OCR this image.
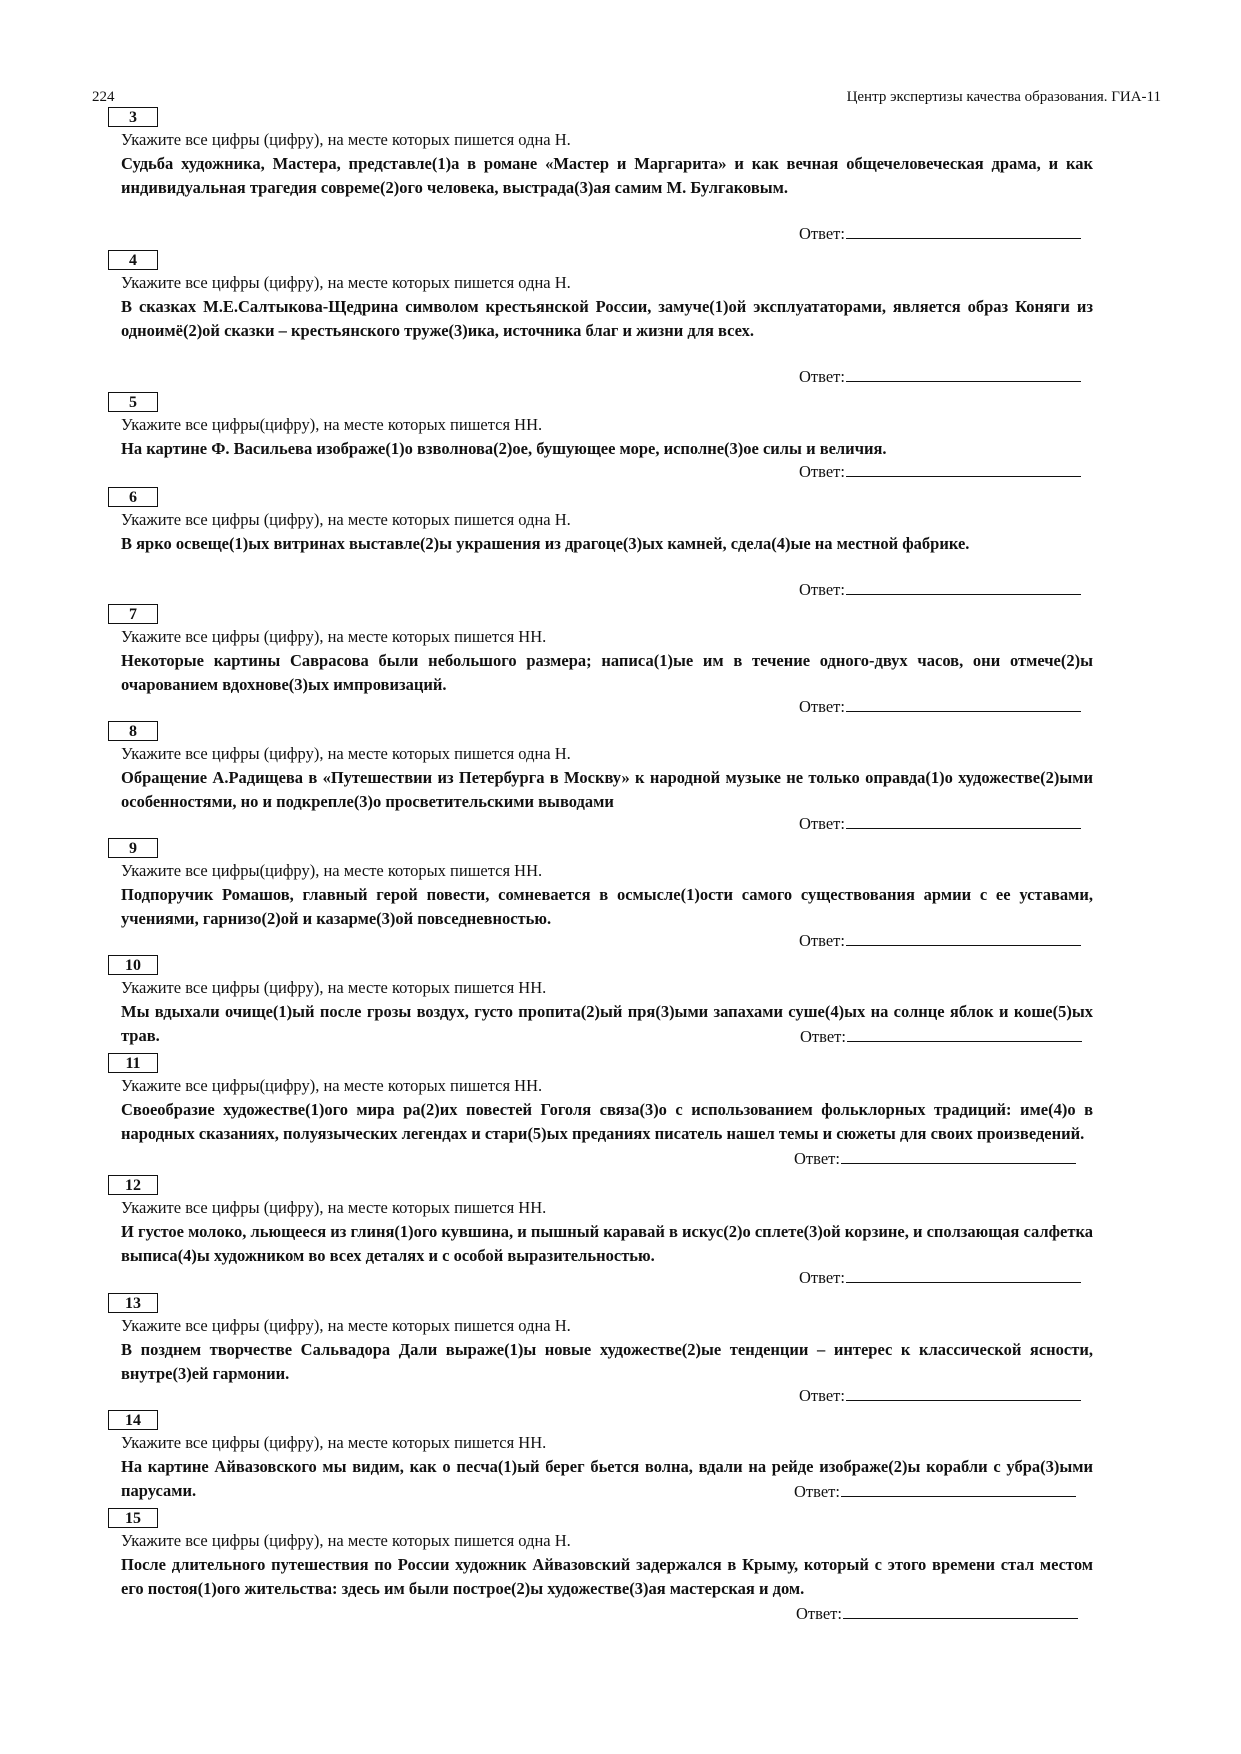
224	Центр экспертизы качества образования. ГИА-11
3
Укажите все цифры (цифру), на месте которых пишется одна Н.
Судьба художника, Мастера, представле(1)а в романе «Мастер и Маргарита» и как вечная общечеловеческая драма, и как индивидуальная трагедия совреме(2)ого человека, выстрада(3)ая самим М. Булгаковым.
Ответ:
4
Укажите все цифры (цифру), на месте которых пишется одна Н.
В сказках М.Е.Салтыкова-Щедрина символом крестьянской России, замуче(1)ой эксплуататорами, является образ Коняги из одноимё(2)ой сказки – крестьянского труже(3)ика, источника благ и жизни для всех.
Ответ:
5
Укажите все цифры(цифру), на месте которых пишется НН.
На картине Ф. Васильева изображе(1)о взволнова(2)ое, бушующее море, исполне(3)ое силы и величия.
Ответ:
6
Укажите все цифры (цифру), на месте которых пишется одна Н.
В ярко освеще(1)ых витринах выставле(2)ы украшения из драгоце(3)ых камней, сдела(4)ые на местной фабрике.
Ответ:
7
Укажите все цифры (цифру), на месте которых пишется НН.
Некоторые картины Саврасова были небольшого размера; написа(1)ые им в течение одного-двух часов, они отмече(2)ы очарованием вдохнове(3)ых импровизаций.
Ответ:
8
Укажите все цифры (цифру), на месте которых пишется одна Н.
Обращение А.Радищева в «Путешествии из Петербурга в Москву» к народной музыке не только оправда(1)о художестве(2)ыми особенностями, но и подкрепле(3)о просветительскими выводами
Ответ:
9
Укажите все цифры(цифру), на месте которых пишется НН.
Подпоручик Ромашов, главный герой повести, сомневается в осмысле(1)ости самого существования армии с ее уставами, учениями, гарнизо(2)ой и казарме(3)ой повседневностью.
Ответ:
10
Укажите все цифры (цифру), на месте которых пишется НН.
Мы вдыхали очище(1)ый после грозы воздух, густо пропита(2)ый пря(3)ыми запахами суше(4)ых на солнце яблок и коше(5)ых трав.	Ответ:
11
Укажите все цифры(цифру), на месте которых пишется НН.
Своеобразие художестве(1)ого мира ра(2)их повестей Гоголя связа(3)о с использованием фольклорных традиций: име(4)о в народных сказаниях, полуязыческих легендах и стари(5)ых преданиях писатель нашел темы и сюжеты для своих произведений.
Ответ:
12
Укажите все цифры (цифру), на месте которых пишется НН.
И густое молоко, льющееся из глиня(1)ого кувшина, и пышный каравай в искус(2)о сплете(3)ой корзине, и сползающая салфетка выписа(4)ы художником во всех деталях и с особой выразительностью.
Ответ:
13
Укажите все цифры (цифру), на месте которых пишется одна Н.
В позднем творчестве Сальвадора Дали выраже(1)ы новые художестве(2)ые тенденции – интерес к классической ясности, внутре(3)ей гармонии.
Ответ:
14
Укажите все цифры (цифру), на месте которых пишется НН.
На картине Айвазовского мы видим, как о песча(1)ый берег бьется волна, вдали на рейде изображе(2)ы корабли с убра(3)ыми парусами.	Ответ:
15
Укажите все цифры (цифру), на месте которых пишется одна Н.
После длительного путешествия по России художник Айвазовский задержался в Крыму, который с этого времени стал местом его постоя(1)ого жительства: здесь им были построе(2)ы художестве(3)ая мастерская и дом.
Ответ:
